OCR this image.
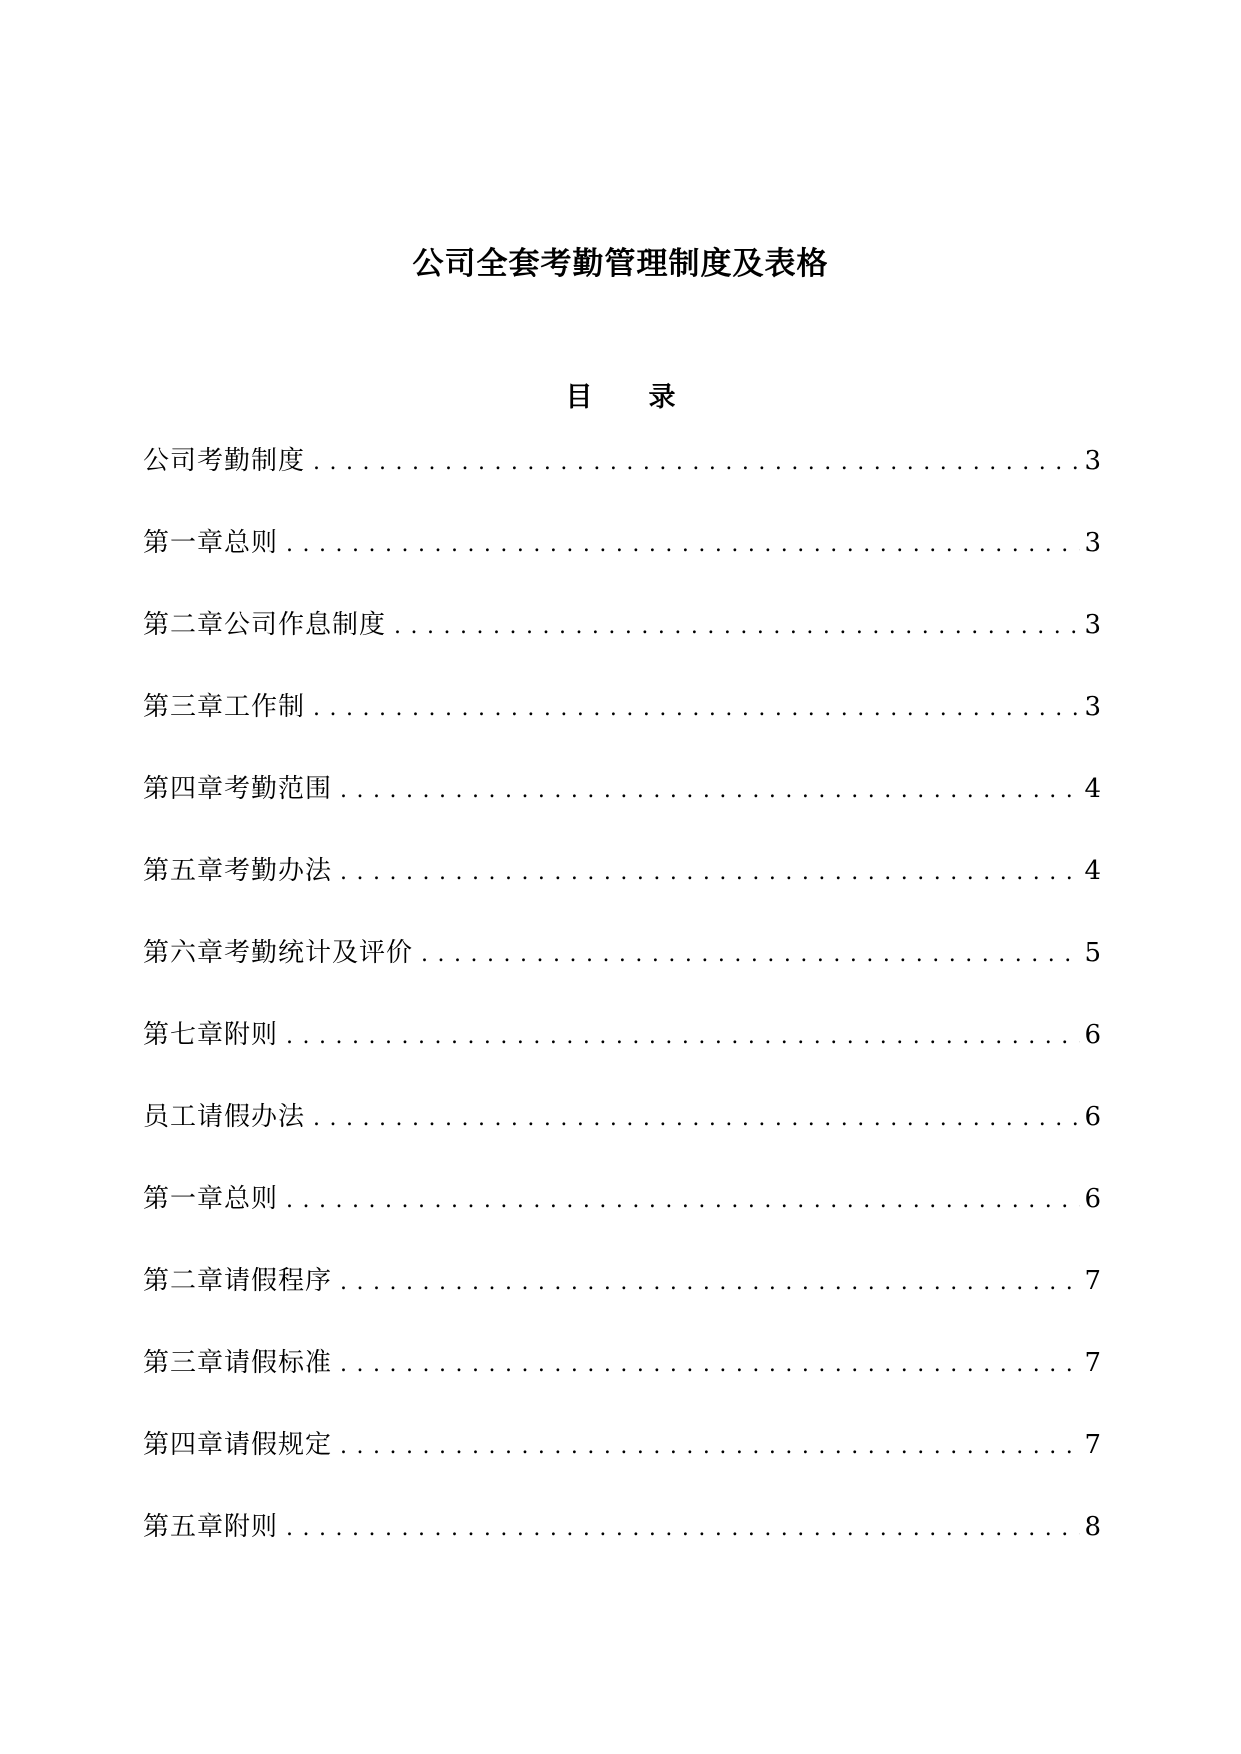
公司全套考勤管理制度及表格
目 录
公司考勤制度 .....	3
第一章总则 .....	3
第二章公司作息制度 .....	3
第三章工作制 .....	3
第四章考勤范围 .....	4
第五章考勤办法 .....	4
第六章考勤统计及评价 .....	5
第七章附则 .....	6
员工请假办法 .....	6
第一章总则 .....	6
第二章请假程序 .....	7
第三章请假标准 .....	7
第四章请假规定 .....	7
第五章附则 .....	8
